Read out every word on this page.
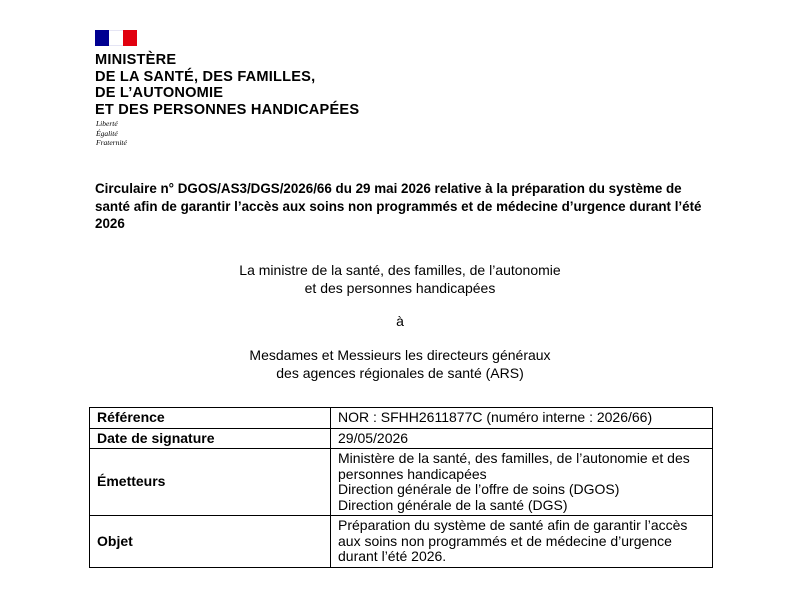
MINISTÈRE
DE LA SANTÉ, DES FAMILLES,
DE L’AUTONOMIE
ET DES PERSONNES HANDICAPÉES
Liberté
Égalité
Fraternité

Circulaire n° DGOS/AS3/DGS/2026/66 du 29 mai 2026 relative à la préparation du système de santé afin de garantir l’accès aux soins non programmés et de médecine d’urgence durant l’été 2026

La ministre de la santé, des familles, de l’autonomie
et des personnes handicapées
à
Mesdames et Messieurs les directeurs généraux
des agences régionales de santé (ARS)
Référence	NOR : SFHH2611877C (numéro interne : 2026/66)

Date de signature	29/05/2026

Émetteurs	Ministère de la santé, des familles, de l’autonomie et des personnes handicapées
Direction générale de l’offre de soins (DGOS)
Direction générale de la santé (DGS)

Objet	Préparation du système de santé afin de garantir l’accès aux soins non programmés et de médecine d’urgence durant l’été 2026.
